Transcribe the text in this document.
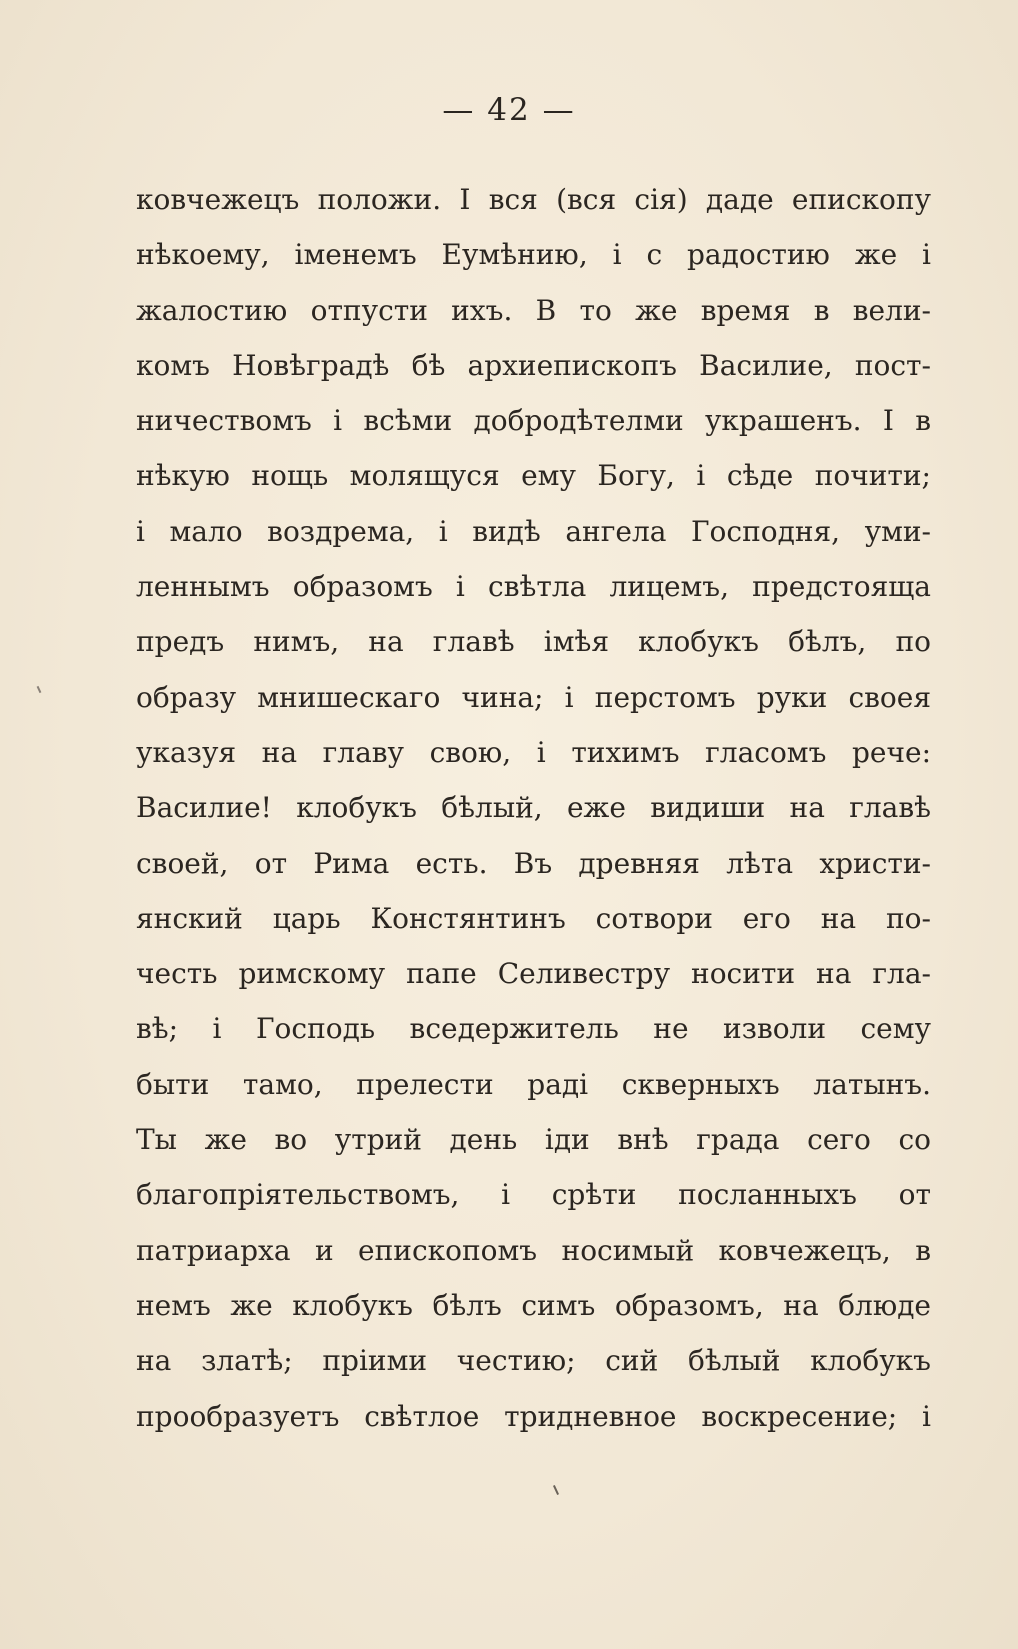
— 42 —
ковчежецъ положи. I вся (вся сія) даде епископу
нѣкоему, іменемъ Еумѣнию, і с радостию же і
жалостию отпусти ихъ. В то же время в вели-
комъ Новѣградѣ бѣ архиепископъ Василие, пост-
ничествомъ і всѣми добродѣтелми украшенъ. I в
нѣкую нощь молящуся ему Богу, і сѣде почити;
і мало воздрема, і видѣ ангела Господня, уми-
леннымъ образомъ і свѣтла лицемъ, предстояща
предъ нимъ, на главѣ імѣя клобукъ бѣлъ, по
образу мнишескаго чина; і перстомъ руки своея
указуя на главу свою, і тихимъ гласомъ рече:
Василие! клобукъ бѣлый, еже видиши на главѣ
своей, от Рима есть. Въ древняя лѣта христи-
янский царь Констянтинъ сотвори его на по-
честь римскому папе Селивестру носити на гла-
вѣ; і Господь вседержитель не изволи сему
быти тамо, прелести раді скверныхъ латынъ.
Ты же во утрий день іди внѣ града сего со
благопріятельствомъ, і срѣти посланныхъ от
патриарха и епископомъ носимый ковчежецъ, в
немъ же клобукъ бѣлъ симъ образомъ, на блюде
на златѣ; пріими честию; сий бѣлый клобукъ
прообразуетъ свѣтлое тридневное воскресение; і
